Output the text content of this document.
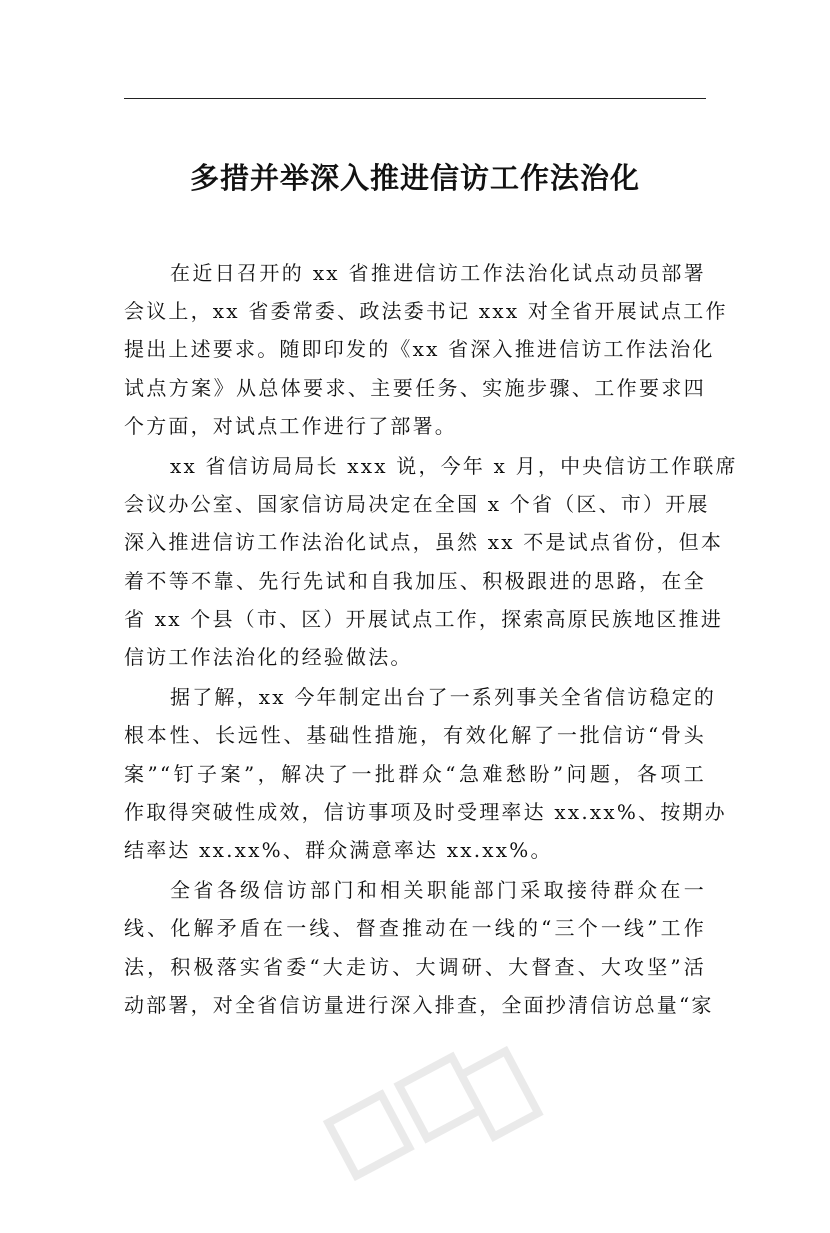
多措并举深入推进信访工作法治化

在近日召开的 xx 省推进信访工作法治化试点动员部署
会议上，xx 省委常委、政法委书记 xxx 对全省开展试点工作
提出上述要求。随即印发的《xx 省深入推进信访工作法治化
试点方案》从总体要求、主要任务、实施步骤、工作要求四
个方面，对试点工作进行了部署。

xx 省信访局局长 xxx 说，今年 x 月，中央信访工作联席
会议办公室、国家信访局决定在全国 x 个省（区、市）开展
深入推进信访工作法治化试点，虽然 xx 不是试点省份，但本
着不等不靠、先行先试和自我加压、积极跟进的思路，在全
省 xx 个县（市、区）开展试点工作，探索高原民族地区推进
信访工作法治化的经验做法。

据了解，xx 今年制定出台了一系列事关全省信访稳定的
根本性、长远性、基础性措施，有效化解了一批信访“骨头
案”“钉子案”，解决了一批群众“急难愁盼”问题，各项工
作取得突破性成效，信访事项及时受理率达 xx.xx%、按期办
结率达 xx.xx%、群众满意率达 xx.xx%。

全省各级信访部门和相关职能部门采取接待群众在一
线、化解矛盾在一线、督查推动在一线的“三个一线”工作
法，积极落实省委“大走访、大调研、大督查、大攻坚”活
动部署，对全省信访量进行深入排查，全面抄清信访总量“家
